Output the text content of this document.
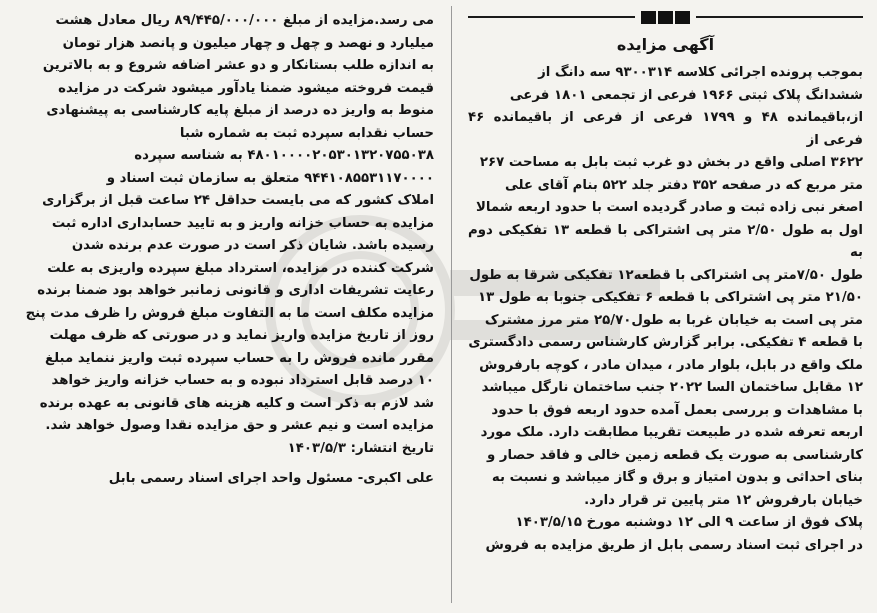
آگهی مزایده

بموجب پرونده اجرائی کلاسه ۹۳۰۰۳۱۴ سه دانگ از
ششدانگ پلاک ثبتی ۱۹۶۶ فرعی از تجمعی ۱۸۰۱ فرعی
از،باقیمانده ۴۸ و ۱۷۹۹ فرعی از فرعی از باقیمانده ۴۶ فرعی از
۳۶۲۲ اصلی واقع در بخش دو غرب ثبت بابل به مساحت ۲۶۷
متر مربع که در صفحه ۳۵۲ دفتر جلد ۵۲۲ بنام آقای علی
اصغر نبی زاده ثبت و صادر گردیده است با حدود اربعه شمالا
اول به طول ۲/۵۰ متر پی اشتراکی با قطعه ۱۳ تفکیکی دوم به
طول ۷/۵۰متر پی اشتراکی با قطعه۱۲ تفکیکی شرقا به طول
۲۱/۵۰ متر پی اشتراکی با قطعه ۶ تفکیکی جنوبا به طول ۱۳
متر پی است به خیابان غربا به طول۲۵/۷۰ متر مرز مشترک
با قطعه ۴ تفکیکی. برابر گزارش کارشناس رسمی دادگستری
ملک واقع در بابل، بلوار مادر ، میدان مادر ، کوچه بارفروش
۱۲ مقابل ساختمان السا ۲۰۲۲ جنب ساختمان نارگل میباشد
با مشاهدات و بررسی بعمل آمده حدود اربعه فوق با حدود
اربعه تعرفه شده در طبیعت تقریبا مطابقت دارد. ملک مورد
کارشناسی به صورت یک قطعه زمین خالی و فاقد حصار و
بنای احداثی و بدون امتیاز و برق و گاز میباشد و نسبت به
خیابان بارفروش ۱۲ متر پایین تر قرار دارد.
پلاک فوق از ساعت ۹ الی ۱۲ دوشنبه مورخ ۱۴۰۳/۵/۱۵
در اجرای ثبت اسناد رسمی بابل از طریق مزایده به فروش

می رسد.مزایده از مبلغ ۸۹/۴۴۵/۰۰۰/۰۰۰ ریال معادل هشت
میلیارد و نهصد و چهل و چهار میلیون و پانصد هزار تومان
به اندازه طلب بستانکار و دو عشر اضافه شروع و به بالاترین
قیمت فروخته میشود ضمنا یادآور میشود شرکت در مزایده
منوط به واریز ده درصد از مبلغ پایه کارشناسی به پیشنهادی
حساب نقدابه سپرده ثبت به شماره شبا
۴۸۰۱۰۰۰۰۲۰۵۳۰۱۳۲۰۷۵۵۰۳۸ به شناسه سپرده
۹۴۴۱۰۸۵۵۳۱۱۷۰۰۰۰ متعلق به سازمان ثبت اسناد و
املاک کشور که می بایست حداقل ۲۴ ساعت قبل از برگزاری
مزایده به حساب خزانه واریز و به تایید حسابداری اداره ثبت
رسیده باشد. شایان ذکر است در صورت عدم برنده شدن
شرکت کننده در مزایده، استرداد مبلغ سپرده واریزی به علت
رعایت تشریفات اداری و قانونی زمانبر خواهد بود ضمنا برنده
مزایده مکلف است ما به التفاوت مبلغ فروش را ظرف مدت پنج
روز از تاریخ مزایده واریز نماید و در صورتی که ظرف مهلت
مقرر مانده فروش را به حساب سپرده ثبت واریز ننماید مبلغ
۱۰ درصد قابل استرداد نبوده و به حساب خزانه واریز خواهد
شد لازم به ذکر است و کلیه هزینه های قانونی به عهده برنده
مزایده است و نیم عشر و حق مزایده نقدا وصول خواهد شد.

تاریخ انتشار: ۱۴۰۳/۵/۳

علی اکبری- مسئول واحد اجرای اسناد رسمی بابل
